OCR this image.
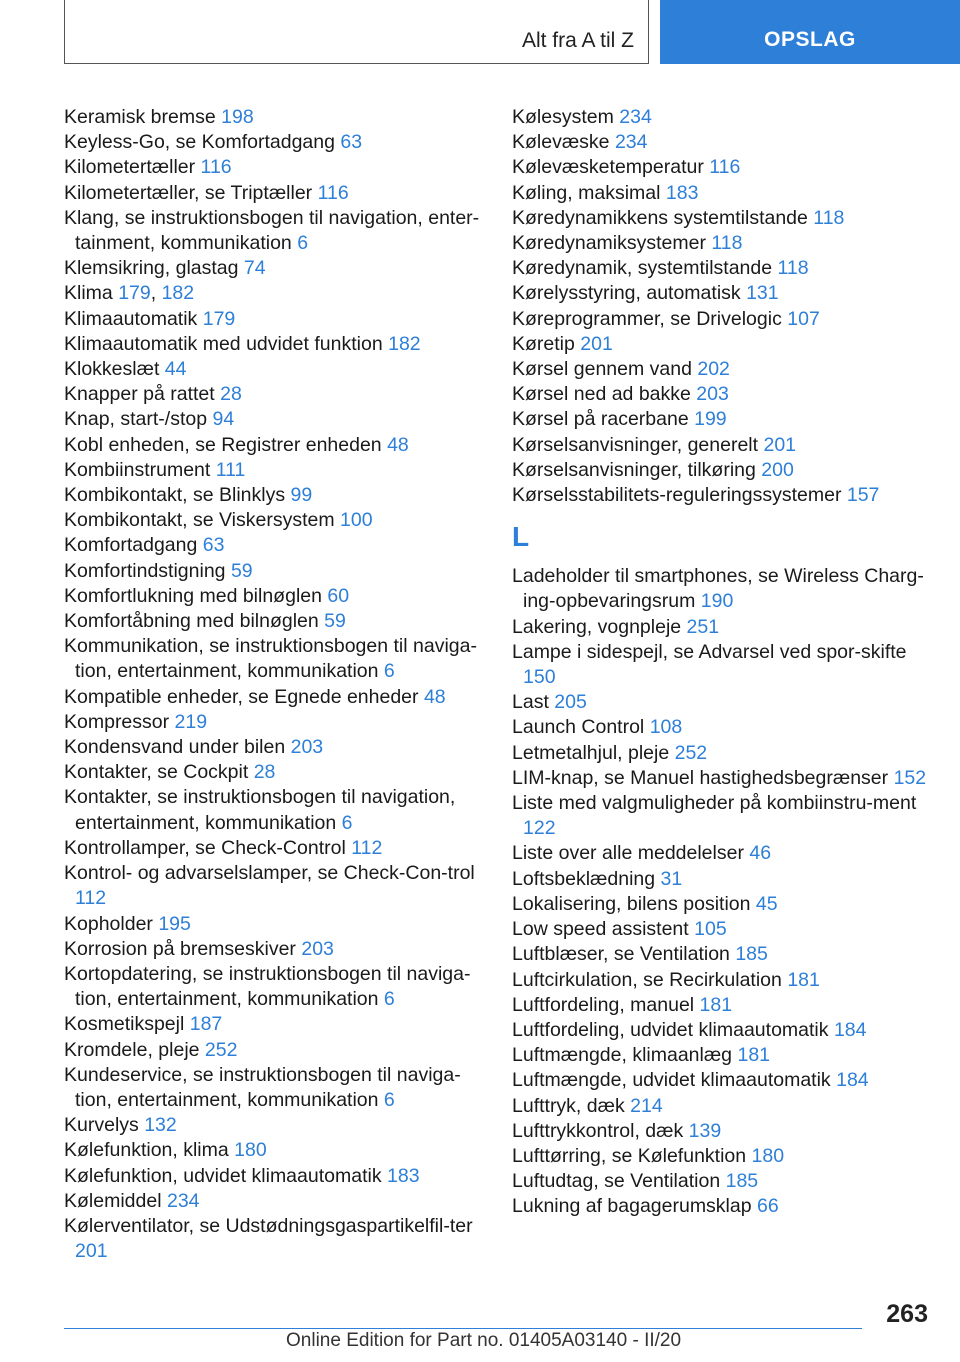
Alt fra A til Z	OPSLAG
Keramisk bremse 198
Keyless-Go, se Komfortadgang 63
Kilometertæller 116
Kilometertæller, se Triptæller 116
Klang, se instruktionsbogen til navigation, enter‐tainment, kommunikation 6
Klemsikring, glastag 74
Klima 179, 182
Klimaautomatik 179
Klimaautomatik med udvidet funktion 182
Klokkeslæt 44
Knapper på rattet 28
Knap, start-/stop 94
Kobl enheden, se Registrer enheden 48
Kombiinstrument 111
Kombikontakt, se Blinklys 99
Kombikontakt, se Viskersystem 100
Komfortadgang 63
Komfortindstigning 59
Komfortlukning med bilnøglen 60
Komfortåbning med bilnøglen 59
Kommunikation, se instruktionsbogen til naviga‐tion, entertainment, kommunikation 6
Kompatible enheder, se Egnede enheder 48
Kompressor 219
Kondensvand under bilen 203
Kontakter, se Cockpit 28
Kontakter, se instruktionsbogen til navigation, entertainment, kommunikation 6
Kontrollamper, se Check-Control 112
Kontrol- og advarselslamper, se Check-Con‐trol 112
Kopholder 195
Korrosion på bremseskiver 203
Kortopdatering, se instruktionsbogen til naviga‐tion, entertainment, kommunikation 6
Kosmetikspejl 187
Kromdele, pleje 252
Kundeservice, se instruktionsbogen til naviga‐tion, entertainment, kommunikation 6
Kurvelys 132
Kølefunktion, klima 180
Kølefunktion, udvidet klimaautomatik 183
Kølemiddel 234
Kølerventilator, se Udstødningsgaspartikelfil‐ter 201
Kølesystem 234
Kølevæske 234
Kølevæsketemperatur 116
Køling, maksimal 183
Køredynamikkens systemtilstande 118
Køredynamiksystemer 118
Køredynamik, systemtilstande 118
Kørelysstyring, automatisk 131
Køreprogrammer, se Drivelogic 107
Køretip 201
Kørsel gennem vand 202
Kørsel ned ad bakke 203
Kørsel på racerbane 199
Kørselsanvisninger, generelt 201
Kørselsanvisninger, tilkøring 200
Kørselsstabilitets-reguleringssystemer 157
L
Ladeholder til smartphones, se Wireless Charg‐ing-opbevaringsrum 190
Lakering, vognpleje 251
Lampe i sidespejl, se Advarsel ved spor‐skifte 150
Last 205
Launch Control 108
Letmetalhjul, pleje 252
LIM-knap, se Manuel hastighedsbegrænser 152
Liste med valgmuligheder på kombiinstru‐ment 122
Liste over alle meddelelser 46
Loftsbeklædning 31
Lokalisering, bilens position 45
Low speed assistent 105
Luftblæser, se Ventilation 185
Luftcirkulation, se Recirkulation 181
Luftfordeling, manuel 181
Luftfordeling, udvidet klimaautomatik 184
Luftmængde, klimaanlæg 181
Luftmængde, udvidet klimaautomatik 184
Lufttryk, dæk 214
Lufttrykkontrol, dæk 139
Lufttørring, se Kølefunktion 180
Luftudtag, se Ventilation 185
Lukning af bagagerumsklap 66
263
Online Edition for Part no. 01405A03140 - II/20
